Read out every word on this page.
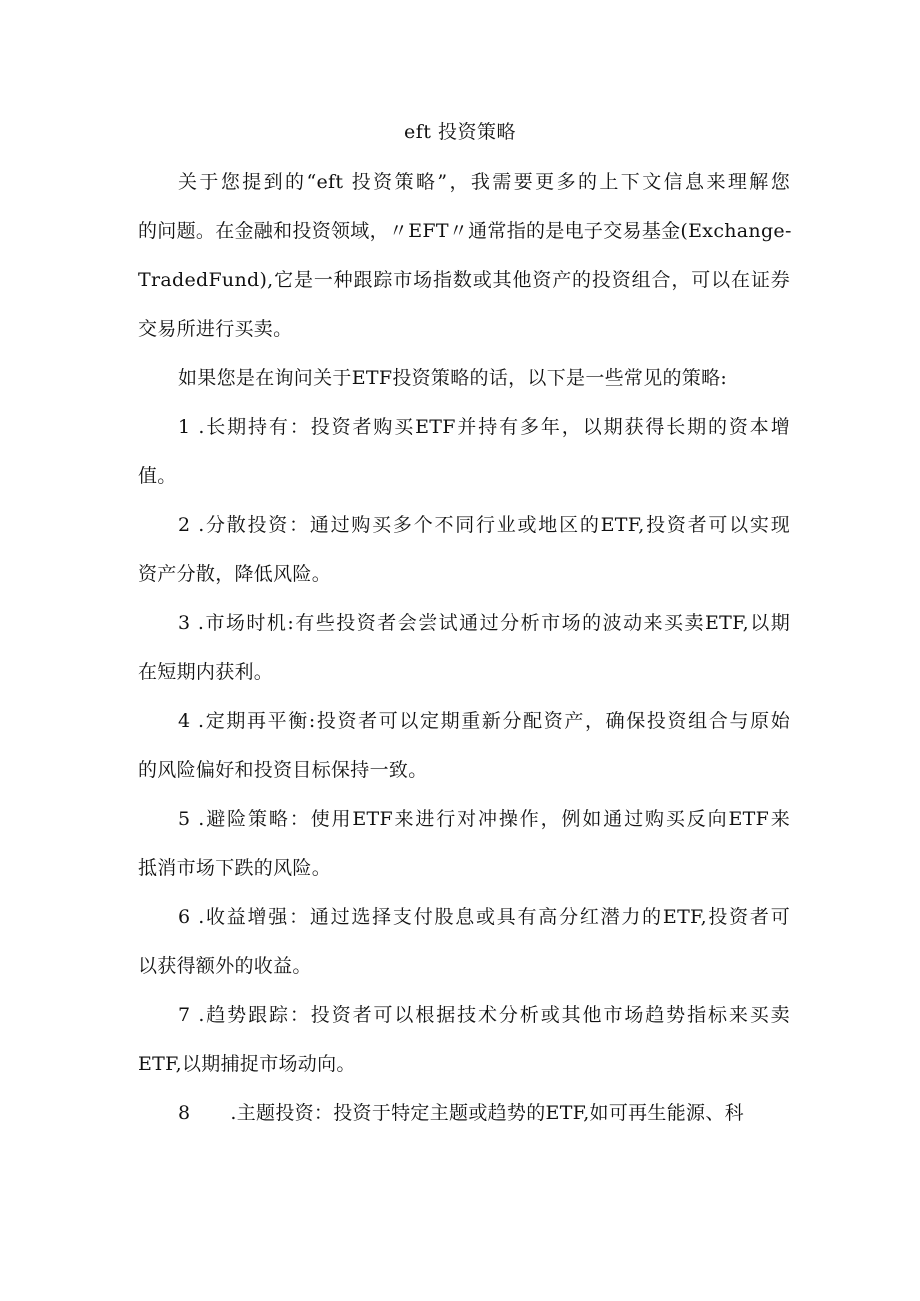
eft 投资策略
关于您提到的“eft 投资策略”，我需要更多的上下文信息来理解您
的问题。在金融和投资领域，〃EFT〃通常指的是电子交易基金(Exchange-
TradedFund),它是一种跟踪市场指数或其他资产的投资组合，可以在证券
交易所进行买卖。
如果您是在询问关于ETF投资策略的话，以下是一些常见的策略:
1 .长期持有：投资者购买ETF并持有多年，以期获得长期的资本增
值。
2 .分散投资：通过购买多个不同行业或地区的ETF,投资者可以实现
资产分散，降低风险。
3 .市场时机:有些投资者会尝试通过分析市场的波动来买卖ETF,以期
在短期内获利。
4 .定期再平衡:投资者可以定期重新分配资产，确保投资组合与原始
的风险偏好和投资目标保持一致。
5 .避险策略：使用ETF来进行对冲操作，例如通过购买反向ETF来
抵消市场下跌的风险。
6 .收益增强：通过选择支付股息或具有高分红潜力的ETF,投资者可
以获得额外的收益。
7 .趋势跟踪：投资者可以根据技术分析或其他市场趋势指标来买卖
ETF,以期捕捉市场动向。
8 .主题投资：投资于特定主题或趋势的ETF,如可再生能源、科
